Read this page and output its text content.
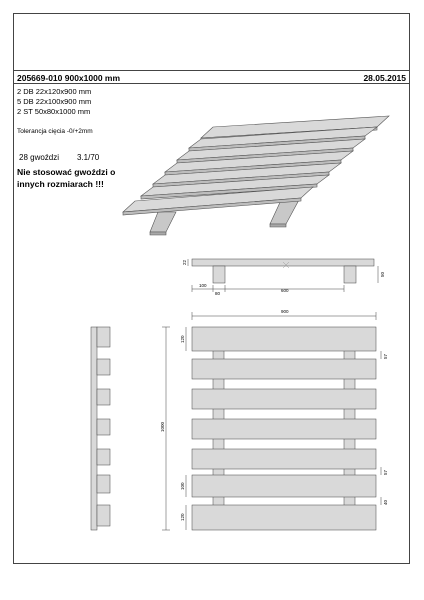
205669-010 900x1000 mm	28.05.2015
2 DB 22x120x900 mm
5 DB 22x100x900 mm
2 ST 50x80x1000 mm
Tolerancja cięcia -0/+2mm
28 gwoździ 3.1/70
Nie stosować gwoździ o
innych rozmiarach !!!
22
50
100
80
600
900
1000
120
100
120
57
57
40
